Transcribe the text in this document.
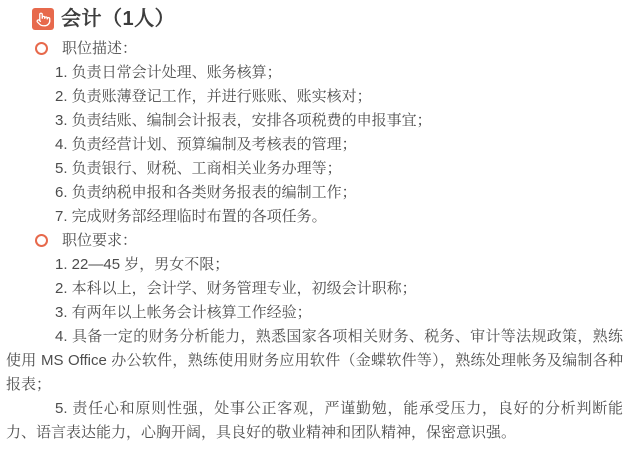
会计（1人）
职位描述：

1. 负责日常会计处理、账务核算；

2. 负责账薄登记工作，并进行账账、账实核对；

3. 负责结账、编制会计报表，安排各项税费的申报事宜；

4. 负责经营计划、预算编制及考核表的管理；

5. 负责银行、财税、工商相关业务办理等；

6. 负责纳税申报和各类财务报表的编制工作；

7. 完成财务部经理临时布置的各项任务。

职位要求：

1. 22—45 岁，男女不限；

2. 本科以上，会计学、财务管理专业，初级会计职称；

3. 有两年以上帐务会计核算工作经验；

4. 具备一定的财务分析能力，熟悉国家各项相关财务、税务、审计等法规政策，熟练使用 MS Office 办公软件，熟练使用财务应用软件（金蝶软件等），熟练处理帐务及编制各种报表；

5. 责任心和原则性强，处事公正客观，严谨勤勉，能承受压力，良好的分析判断能力、语言表达能力，心胸开阔，具良好的敬业精神和团队精神，保密意识强。
